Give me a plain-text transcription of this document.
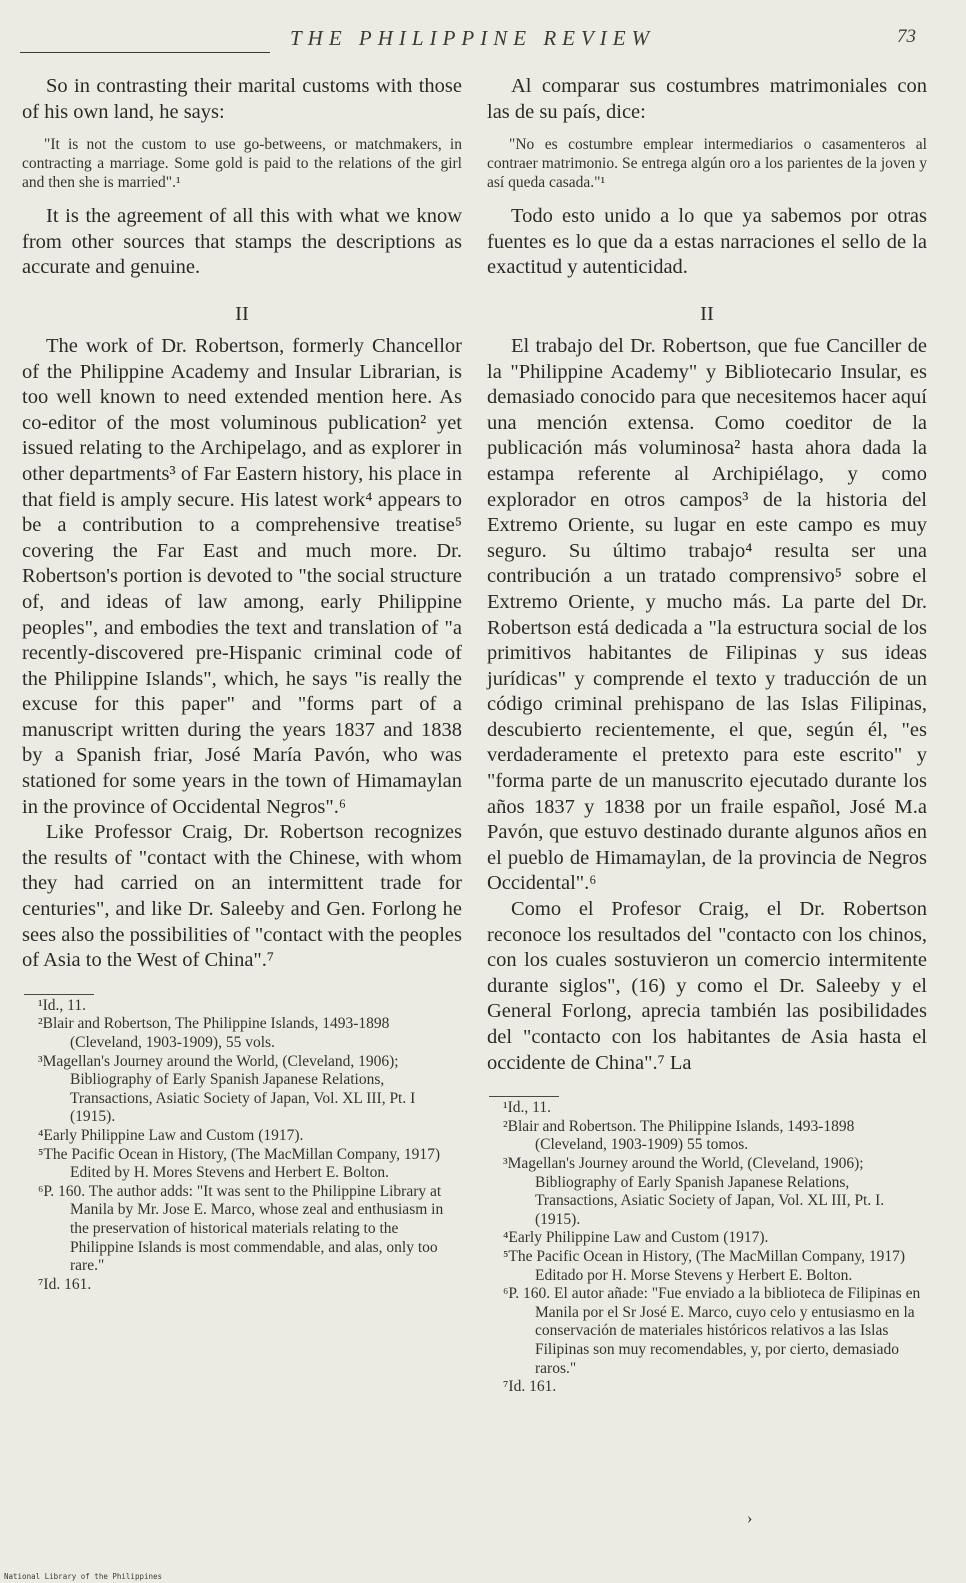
THE PHILIPPINE REVIEW	73

So in contrasting their marital customs with those of his own land, he says:

"It is not the custom to use go-betweens, or matchmakers, in contracting a marriage. Some gold is paid to the relations of the girl and then she is married".¹

It is the agreement of all this with what we know from other sources that stamps the descriptions as accurate and genuine.

II

The work of Dr. Robertson, formerly Chancellor of the Philippine Academy and Insular Librarian, is too well known to need extended mention here. As co-editor of the most voluminous publication² yet issued relating to the Archipelago, and as explorer in other departments³ of Far Eastern history, his place in that field is amply secure. His latest work⁴ appears to be a contribution to a comprehensive treatise⁵ covering the Far East and much more. Dr. Robertson's portion is devoted to "the social structure of, and ideas of law among, early Philippine peoples", and embodies the text and translation of "a recently-discovered pre-Hispanic criminal code of the Philippine Islands", which, he says "is really the excuse for this paper" and "forms part of a manuscript written during the years 1837 and 1838 by a Spanish friar, José María Pavón, who was stationed for some years in the town of Himamaylan in the province of Occidental Negros".⁶

Like Professor Craig, Dr. Robertson recognizes the results of "contact with the Chinese, with whom they had carried on an intermittent trade for centuries", and like Dr. Saleeby and Gen. Forlong he sees also the possibilities of "contact with the peoples of Asia to the West of China".⁷

¹Id., 11.

²Blair and Robertson, The Philippine Islands, 1493-1898 (Cleveland, 1903-1909), 55 vols.

³Magellan's Journey around the World, (Cleveland, 1906); Bibliography of Early Spanish Japanese Relations, Transactions, Asiatic Society of Japan, Vol. XL III, Pt. I (1915).

⁴Early Philippine Law and Custom (1917).

⁵The Pacific Ocean in History, (The MacMillan Company, 1917) Edited by H. Mores Stevens and Herbert E. Bolton.

⁶P. 160. The author adds: "It was sent to the Philippine Library at Manila by Mr. Jose E. Marco, whose zeal and enthusiasm in the preservation of historical materials relating to the Philippine Islands is most commendable, and alas, only too rare."

⁷Id. 161.

Al comparar sus costumbres matrimoniales con las de su país, dice:

"No es costumbre emplear intermediarios o casamenteros al contraer matrimonio. Se entrega algún oro a los parientes de la joven y así queda casada."¹

Todo esto unido a lo que ya sabemos por otras fuentes es lo que da a estas narraciones el sello de la exactitud y autenticidad.

II

El trabajo del Dr. Robertson, que fue Canciller de la "Philippine Academy" y Bibliotecario Insular, es demasiado conocido para que necesitemos hacer aquí una mención extensa. Como coeditor de la publicación más voluminosa² hasta ahora dada la estampa referente al Archipiélago, y como explorador en otros campos³ de la historia del Extremo Oriente, su lugar en este campo es muy seguro. Su último trabajo⁴ resulta ser una contribución a un tratado comprensivo⁵ sobre el Extremo Oriente, y mucho más. La parte del Dr. Robertson está dedicada a "la estructura social de los primitivos habitantes de Filipinas y sus ideas jurídicas" y comprende el texto y traducción de un código criminal prehispano de las Islas Filipinas, descubierto recientemente, el que, según él, "es verdaderamente el pretexto para este escrito" y "forma parte de un manuscrito ejecutado durante los años 1837 y 1838 por un fraile español, José M.a Pavón, que estuvo destinado durante algunos años en el pueblo de Himamaylan, de la provincia de Negros Occidental".⁶

Como el Profesor Craig, el Dr. Robertson reconoce los resultados del "contacto con los chinos, con los cuales sostuvieron un comercio intermitente durante siglos", (16) y como el Dr. Saleeby y el General Forlong, aprecia también las posibilidades del "contacto con los habitantes de Asia hasta el occidente de China".⁷ La

¹Id., 11.

²Blair and Robertson. The Philippine Islands, 1493-1898 (Cleveland, 1903-1909) 55 tomos.

³Magellan's Journey around the World, (Cleveland, 1906); Bibliography of Early Spanish Japanese Relations, Transactions, Asiatic Society of Japan, Vol. XL III, Pt. I. (1915).

⁴Early Philippine Law and Custom (1917).

⁵The Pacific Ocean in History, (The MacMillan Company, 1917) Editado por H. Morse Stevens y Herbert E. Bolton.

⁶P. 160. El autor añade: "Fue enviado a la biblioteca de Filipinas en Manila por el Sr José E. Marco, cuyo celo y entusiasmo en la conservación de materiales históricos relativos a las Islas Filipinas son muy recomendables, y, por cierto, demasiado raros."

⁷Id. 161.

›
National Library of the Philippines
